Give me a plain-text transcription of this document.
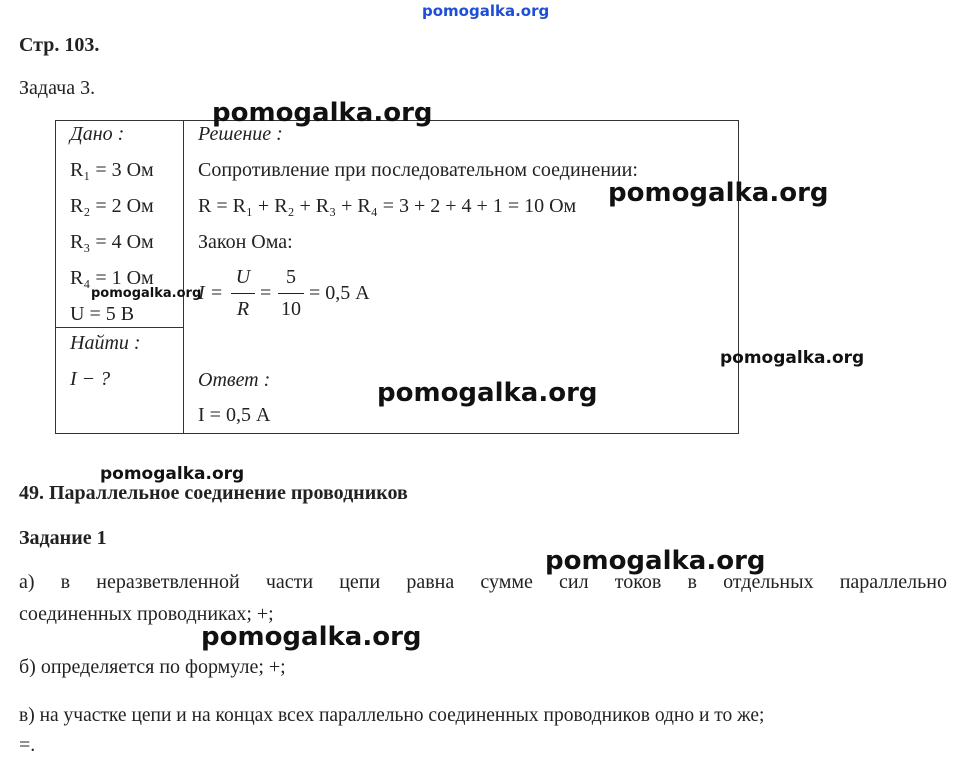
pomogalka.org
Стр. 103.
Задача 3.
Дано :
R₁ = 3 Ом
R₂ = 2 Ом
R₃ = 4 Ом
R₄ = 1 Ом
U = 5 В
Найти :
I − ?
Решение :
Сопротивление при последовательном соединении:
R = R₁ + R₂ + R₃ + R₄ = 3 + 2 + 4 + 1 = 10 Ом
Закон Ома:
I =
U
R
=
5
10
= 0,5 А
Ответ :
I = 0,5 А
49. Параллельное соединение проводников
Задание 1
а) в неразветвленной части цепи равна сумме сил токов в отдельных параллельно
соединенных проводниках; +;
б) определяется по формуле; +;
в) на участке цепи и на концах всех параллельно соединенных проводников одно и то же;
=.
pomogalka.org
pomogalka.org
pomogalka.org
pomogalka.org
pomogalka.org
pomogalka.org
pomogalka.org
pomogalka.org
